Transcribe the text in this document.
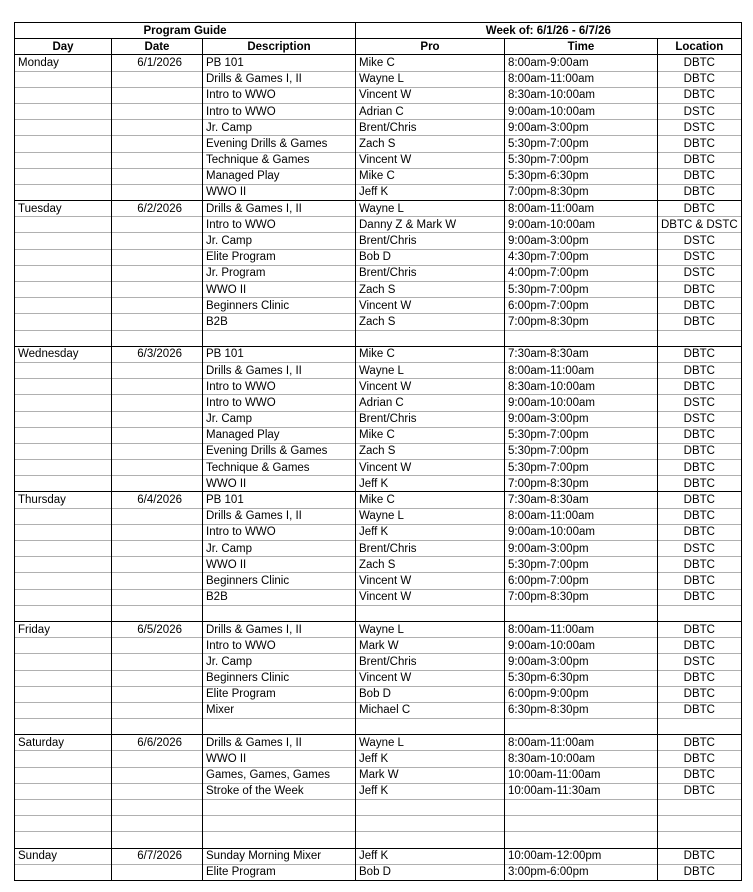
Program Guide			Week of: 6/1/26 - 6/7/26		
Day	Date	Description	Pro	Time	Location
Monday	6/1/2026	PB 101	Mike C	8:00am-9:00am	DBTC
		Drills & Games I, II	Wayne L	8:00am-11:00am	DBTC
		Intro to WWO	Vincent W	8:30am-10:00am	DBTC
		Intro to WWO	Adrian C	9:00am-10:00am	DSTC
		Jr. Camp	Brent/Chris	9:00am-3:00pm	DSTC
		Evening Drills & Games	Zach S	5:30pm-7:00pm	DBTC
		Technique & Games	Vincent W	5:30pm-7:00pm	DBTC
		Managed Play	Mike C	5:30pm-6:30pm	DBTC
		WWO II	Jeff K	7:00pm-8:30pm	DBTC
Tuesday	6/2/2026	Drills & Games I, II	Wayne L	8:00am-11:00am	DBTC
		Intro to WWO	Danny Z & Mark W	9:00am-10:00am	DBTC & DSTC
		Jr. Camp	Brent/Chris	9:00am-3:00pm	DSTC
		Elite Program	Bob D	4:30pm-7:00pm	DSTC
		Jr. Program	Brent/Chris	4:00pm-7:00pm	DSTC
		WWO II	Zach S	5:30pm-7:00pm	DBTC
		Beginners Clinic	Vincent W	6:00pm-7:00pm	DBTC
		B2B	Zach S	7:00pm-8:30pm	DBTC

Wednesday	6/3/2026	PB 101	Mike C	7:30am-8:30am	DBTC
		Drills & Games I, II	Wayne L	8:00am-11:00am	DBTC
		Intro to WWO	Vincent W	8:30am-10:00am	DBTC
		Intro to WWO	Adrian C	9:00am-10:00am	DSTC
		Jr. Camp	Brent/Chris	9:00am-3:00pm	DSTC
		Managed Play	Mike C	5:30pm-7:00pm	DBTC
		Evening Drills & Games	Zach S	5:30pm-7:00pm	DBTC
		Technique & Games	Vincent W	5:30pm-7:00pm	DBTC
		WWO II	Jeff K	7:00pm-8:30pm	DBTC
Thursday	6/4/2026	PB 101	Mike C	7:30am-8:30am	DBTC
		Drills & Games I, II	Wayne L	8:00am-11:00am	DBTC
		Intro to WWO	Jeff K	9:00am-10:00am	DBTC
		Jr. Camp	Brent/Chris	9:00am-3:00pm	DSTC
		WWO II	Zach S	5:30pm-7:00pm	DBTC
		Beginners Clinic	Vincent W	6:00pm-7:00pm	DBTC
		B2B	Vincent W	7:00pm-8:30pm	DBTC

Friday	6/5/2026	Drills & Games I, II	Wayne L	8:00am-11:00am	DBTC
		Intro to WWO	Mark W	9:00am-10:00am	DBTC
		Jr. Camp	Brent/Chris	9:00am-3:00pm	DSTC
		Beginners Clinic	Vincent W	5:30pm-6:30pm	DBTC
		Elite Program	Bob D	6:00pm-9:00pm	DBTC
		Mixer	Michael C	6:30pm-8:30pm	DBTC

Saturday	6/6/2026	Drills & Games I, II	Wayne L	8:00am-11:00am	DBTC
		WWO II	Jeff K	8:30am-10:00am	DBTC
		Games, Games, Games	Mark W	10:00am-11:00am	DBTC
		Stroke of the Week	Jeff K	10:00am-11:30am	DBTC

Sunday	6/7/2026	Sunday Morning Mixer	Jeff K	10:00am-12:00pm	DBTC
		Elite Program	Bob D	3:00pm-6:00pm	DBTC
